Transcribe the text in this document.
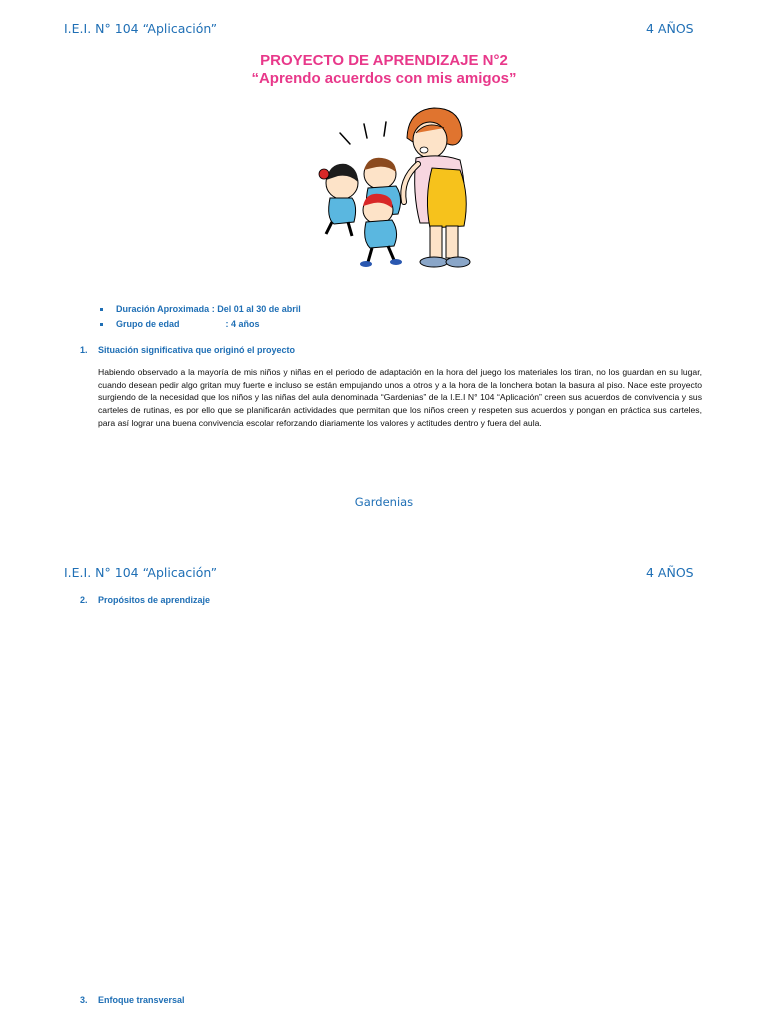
I.E.I. N° 104 “Aplicación”	4 AÑOS
PROYECTO DE APRENDIZAJE N°2
“Aprendo acuerdos con mis amigos”
Duración Aproximada : Del 01 al 30 de abril
Grupo de edad	: 4 años
1. Situación significativa que originó el proyecto
Habiendo observado a la mayoría de mis niños y niñas en el periodo de adaptación en la hora del juego los materiales los tiran, no los guardan en su lugar, cuando desean pedir algo gritan muy fuerte e incluso se están empujando unos a otros y a la hora de la lonchera botan la basura al piso. Nace este proyecto surgiendo de la necesidad que los niños y las niñas del aula denominada “Gardenias” de la I.E.I N° 104 “Aplicación” creen sus acuerdos de convivencia y sus carteles de rutinas, es por ello que se planificarán actividades que permitan que los niños creen y respeten sus acuerdos y pongan en práctica sus carteles, para así lograr una buena convivencia escolar reforzando diariamente los valores y actitudes dentro y fuera del aula.
Gardenias
I.E.I. N° 104 “Aplicación”	4 AÑOS
2. Propósitos de aprendizaje
3. Enfoque transversal
